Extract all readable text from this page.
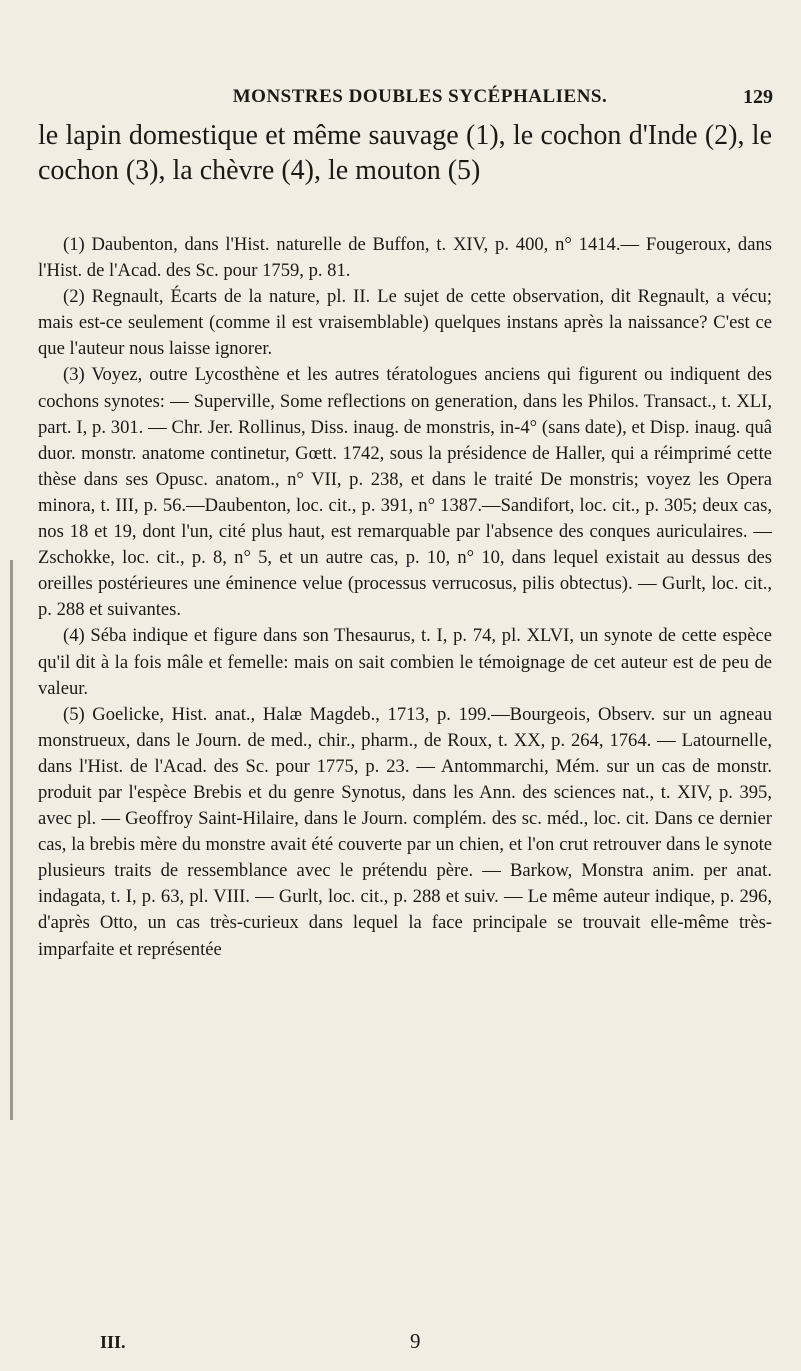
MONSTRES DOUBLES SYCÉPHALIENS.	129
le lapin domestique et même sauvage (1), le cochon d'Inde (2), le cochon (3), la chèvre (4), le mouton (5)

(1) Daubenton, dans l'Hist. naturelle de Buffon, t. XIV, p. 400, n° 1414.— Fougeroux, dans l'Hist. de l'Acad. des Sc. pour 1759, p. 81.

(2) Regnault, Écarts de la nature, pl. II. Le sujet de cette observation, dit Regnault, a vécu; mais est-ce seulement (comme il est vraisemblable) quelques instans après la naissance? C'est ce que l'auteur nous laisse ignorer.

(3) Voyez, outre Lycosthène et les autres tératologues anciens qui figurent ou indiquent des cochons synotes: — Superville, Some reflections on generation, dans les Philos. Transact., t. XLI, part. I, p. 301. — Chr. Jer. Rollinus, Diss. inaug. de monstris, in-4° (sans date), et Disp. inaug. quâ duor. monstr. anatome continetur, Gœtt. 1742, sous la présidence de Haller, qui a réimprimé cette thèse dans ses Opusc. anatom., n° VII, p. 238, et dans le traité De monstris; voyez les Opera minora, t. III, p. 56.—Daubenton, loc. cit., p. 391, n° 1387.—Sandifort, loc. cit., p. 305; deux cas, nos 18 et 19, dont l'un, cité plus haut, est remarquable par l'absence des conques auriculaires. — Zschokke, loc. cit., p. 8, n° 5, et un autre cas, p. 10, n° 10, dans lequel existait au dessus des oreilles postérieures une éminence velue (processus verrucosus, pilis obtectus). — Gurlt, loc. cit., p. 288 et suivantes.

(4) Séba indique et figure dans son Thesaurus, t. I, p. 74, pl. XLVI, un synote de cette espèce qu'il dit à la fois mâle et femelle: mais on sait combien le témoignage de cet auteur est de peu de valeur.

(5) Goelicke, Hist. anat., Halæ Magdeb., 1713, p. 199.—Bourgeois, Observ. sur un agneau monstrueux, dans le Journ. de med., chir., pharm., de Roux, t. XX, p. 264, 1764. — Latournelle, dans l'Hist. de l'Acad. des Sc. pour 1775, p. 23. — Antommarchi, Mém. sur un cas de monstr. produit par l'espèce Brebis et du genre Synotus, dans les Ann. des sciences nat., t. XIV, p. 395, avec pl. — Geoffroy Saint-Hilaire, dans le Journ. complém. des sc. méd., loc. cit. Dans ce dernier cas, la brebis mère du monstre avait été couverte par un chien, et l'on crut retrouver dans le synote plusieurs traits de ressemblance avec le prétendu père. — Barkow, Monstra anim. per anat. indagata, t. I, p. 63, pl. VIII. — Gurlt, loc. cit., p. 288 et suiv. — Le même auteur indique, p. 296, d'après Otto, un cas très-curieux dans lequel la face principale se trouvait elle-même très-imparfaite et représentée

III.	9
